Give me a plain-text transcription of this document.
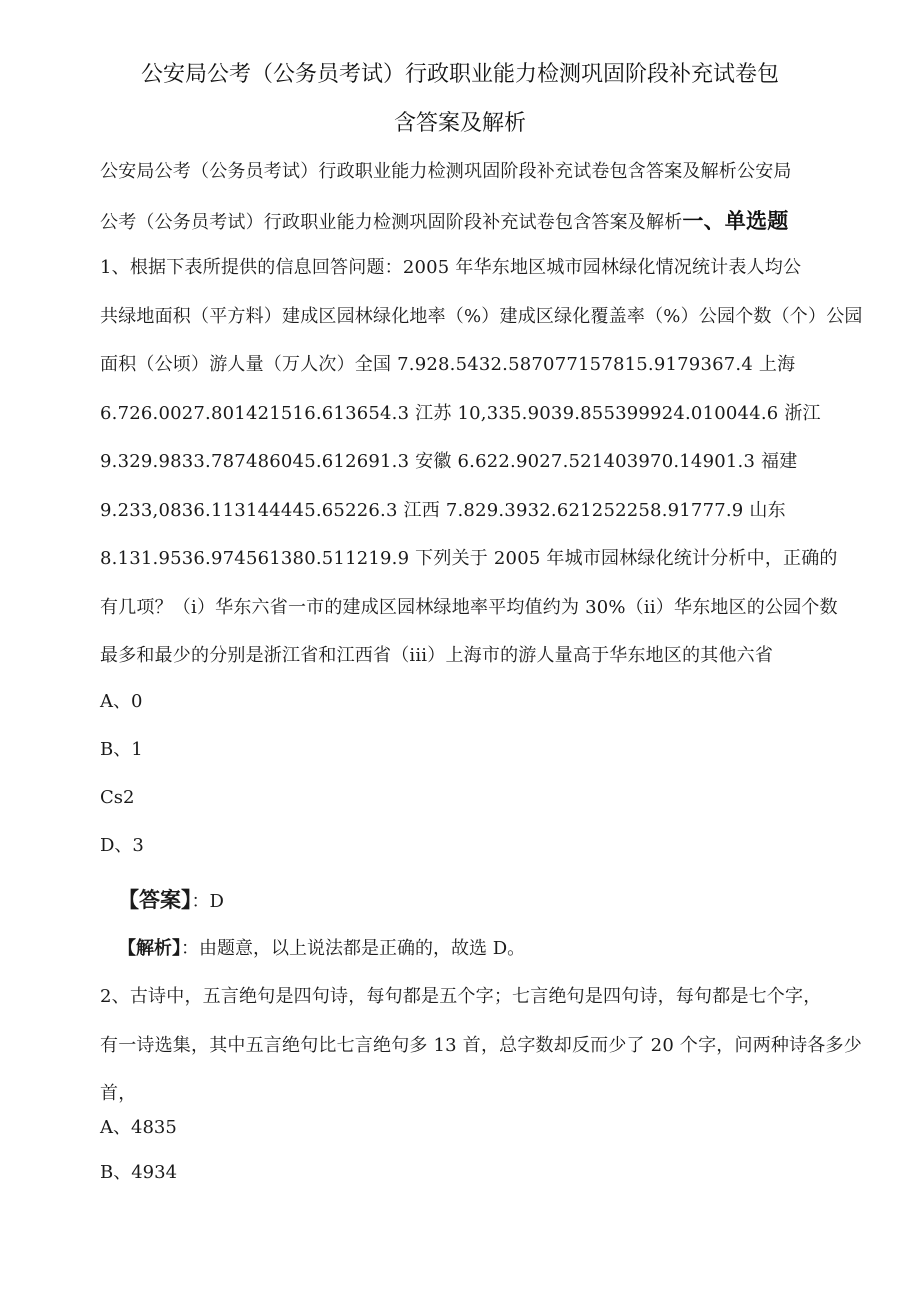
公安局公考（公务员考试）行政职业能力检测巩固阶段补充试卷包
含答案及解析
公安局公考（公务员考试）行政职业能力检测巩固阶段补充试卷包含答案及解析公安局
公考（公务员考试）行政职业能力检测巩固阶段补充试卷包含答案及解析一、单选题
1、根据下表所提供的信息回答问题：2005 年华东地区城市园林绿化情况统计表人均公
共绿地面积（平方料）建成区园林绿化地率（%）建成区绿化覆盖率（%）公园个数（个）公园
面积（公顷）游人量（万人次）全国 7.928.5432.587077157815.9179367.4 上海
6.726.0027.801421516.613654.3 江苏 10,335.9039.855399924.010044.6 浙江
9.329.9833.787486045.612691.3 安徽 6.622.9027.521403970.14901.3 福建
9.233,0836.113144445.65226.3 江西 7.829.3932.621252258.91777.9 山东
8.131.9536.974561380.511219.9 下列关于 2005 年城市园林绿化统计分析中，正确的
有几项？（i）华东六省一市的建成区园林绿地率平均值约为 30%（ii）华东地区的公园个数
最多和最少的分别是浙江省和江西省（iii）上海市的游人量高于华东地区的其他六省
A、0
B、1
Cs2
D、3
【答案】：D
【解析】：由题意，以上说法都是正确的，故选 D。
2、古诗中，五言绝句是四句诗，每句都是五个字；七言绝句是四句诗，每句都是七个字，
有一诗选集，其中五言绝句比七言绝句多 13 首，总字数却反而少了 20 个字，问两种诗各多少
首，
A、4835
B、4934
